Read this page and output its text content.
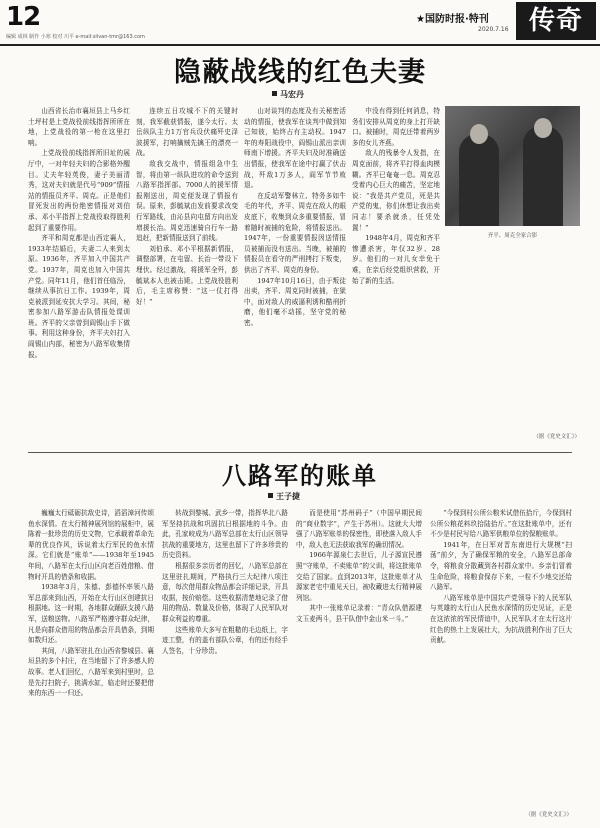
12
编辑 成林 制作 小寒 校对 川平 e-mail:silvan-tmr@163.com
★国防时报·特刊
2020.7.16 传奇
隐蔽战线的红色夫妻
马宏丹

山西省长治市襄垣县上马乡红土坪村是上党战役前线指挥所所在地，上党战役的第一枪在这里打响。

上党战役前线指挥所旧址的展厅中，一对年轻夫妇的合影格外醒目。丈夫年轻英俊，妻子美丽清秀，这对夫妇就是代号“909”情报站的情报员齐平、周克。正是他们冒死发出的两份绝密情报对刘伯承、邓小平指挥上党战役取得胜利起到了重要作用。

齐平和周克都是山西定襄人，1933年结婚后，夫妻二人来到太原。1936年，齐平加入中国共产党。1937年，周克也加入中国共产党。同年11月，他们首任临汾，继续从事抗日工作。1939年，周克被派到延安抗大学习。其间，秘密参加八路军游击队情报处谍训班。齐平的父亲曾到阎锡山手下做事。利用这种身份，齐平夫妇打入阎锡山内部，秘密为八路军收集情报。

连续五日攻城不下的关键时刻，我军截获情报，遂今太行、太岳纵队主力1万官兵设伏痛歼史泽波援军，打响擒贼先擒王的漂亮一战。

敌我交战中，情报组急中生智，将由第一纵队进攻的命令送到八路军指挥部。7000人的援军情报刚送出，周克便发现了情报有误。原来，彭毓斌由发前要求改变行军路线，由沁县向屯留方向出发增援长治。周克迅速骑自行车一路追赶，把新情报送到了前线。

刘伯承、邓小平根据新情报，调整部署，在屯留、长治一带设下埋伏。经过激战，将援军全歼，彭毓斌本人也被击毙。上党战役胜利后，毛主席称赞：“这一仗打得好！”

山对谈判的态度及有关秘密活动的情报，使我军在谈判中做到知己知彼，始终占有主动权。1947年的寿阳战役中，阎锡山派出亲训师南下增援。齐平夫妇及时准确送出情报，使我军在途中打赢了伏击战，歼敌1万多人，阎军节节败退。

在反动军警林立、特务多如牛毛的年代，齐平、周克在敌人的眼皮底下，收集到众多重要情报，冒着随时被捕的危险，将情报送出。1947年，一份重要情报因送情报员被捕而没有送出。当晚，被捕的情报员在看守的严刑拷打下叛变，供出了齐平、周克的身份。

1947年10月16日，由于叛徒出卖，齐平、周克同时被捕，在狱中，面对敌人的威逼利诱和酷刑折磨，他们毫不动摇，坚守党的秘密。

中没有得到任何消息，特务们安排从周克的身上打开缺口。被捕时，周克还带着两岁多的女儿齐燕。

敌人的残暴令人发指，在周克面前，将齐平打得血肉模糊。齐平已奄奄一息。周克忍受着内心巨大的痛苦，坚定地说：“我是共产党员，死是共产党的鬼，你们休想让我出卖同志！要杀就杀，任凭处置！”

1948年4月，周克和齐平惨遭杀害，年仅32岁、28岁。他们的一对儿女幸免于难，在亲后经党组织营救，开始了新的生活。

齐平、周克全家合影
（据《党史文汇》）
八路军的账单
王子捷

巍巍太行砥砺抗敌史诗，滔滔漳河传颂鱼水深情。在太行精神展列馆的展柜中，展陈着一批珍贵的历史文物，它承载着革命先辈的优良作风，诉说着太行军民的鱼水情深。它们就是“账单”——1938年至1945年间，八路军在太行山区向老百姓借粮、借物时开具的借条和收据。

1938年3月，朱德、彭德怀率领八路军总部来到山西，开始在太行山区创建抗日根据地。这一时期，各地群众踊跃支援八路军，送粮送物。八路军严格遵守群众纪律，凡是向群众借用的物品都会开具借条，到期如数归还。

其间，八路军驻扎在山西省黎城县、襄垣县的多个村庄，在当地留下了许多感人的故事。老人们回忆，八路军来到村里时，总是先打扫院子，挑满水缸，临走时还要把借来的东西一一归还。

转战到黎城、武乡一带，指挥华北八路军坚持抗战和巩固抗日根据地的斗争。由此，孔家峧成为八路军总部在太行山区领导抗战的重要地方，这里也留下了许多珍贵的历史资料。

根据很多亲历者的回忆，八路军总部在这里驻扎期间，严格执行三大纪律八项注意，每次借用群众物品都会详细记录，开具收据，按价赔偿。这些收据清楚地记录了借用的物品、数量及价格，体现了人民军队对群众利益的尊重。

这些账单大多写在粗糙的毛边纸上，字迹工整，有的盖有部队公章，有的还有经手人签名，十分珍贵。

而是使用“苏州码子”（中国早期民间的“商业数字”，产生于苏州）。这就大大增强了八路军账单的保密性，即使落入敌人手中，敌人也无法获取我军的确切情况。

1966年源泉仁去世后，儿子源宣民遵照“守账单，不卖账单”的父训，将这批账单交给了国家。直到2013年，这批账单才从源家老宅中重见天日，被收藏进太行精神展列馆。

其中一张账单记录着：“青众队借源建文玉麦两斗，县干队借中金山米一斗。”

“今保到村公所公粮米试借伍拾斤，今保到村公所公粮花料玖拾陆拾斤。”在这批账单中，还有不少是村民写给八路军供粮单位的保粮账单。

1941年，在日军对晋东南进行大规模“扫荡”前夕，为了确保军粮的安全，八路军总部命令，将粮食分散藏到各村群众家中。乡亲们冒着生命危险，将粮食保存下来，一粒不少地交还给八路军。

八路军账单是中国共产党领导下的人民军队与英雄的太行山人民鱼水深情的历史见证，正是在这浓浓的军民情谊中，人民军队才在太行这片红色的热土上发展壮大，为抗战胜利作出了巨大贡献。

（据《党史文汇》）
